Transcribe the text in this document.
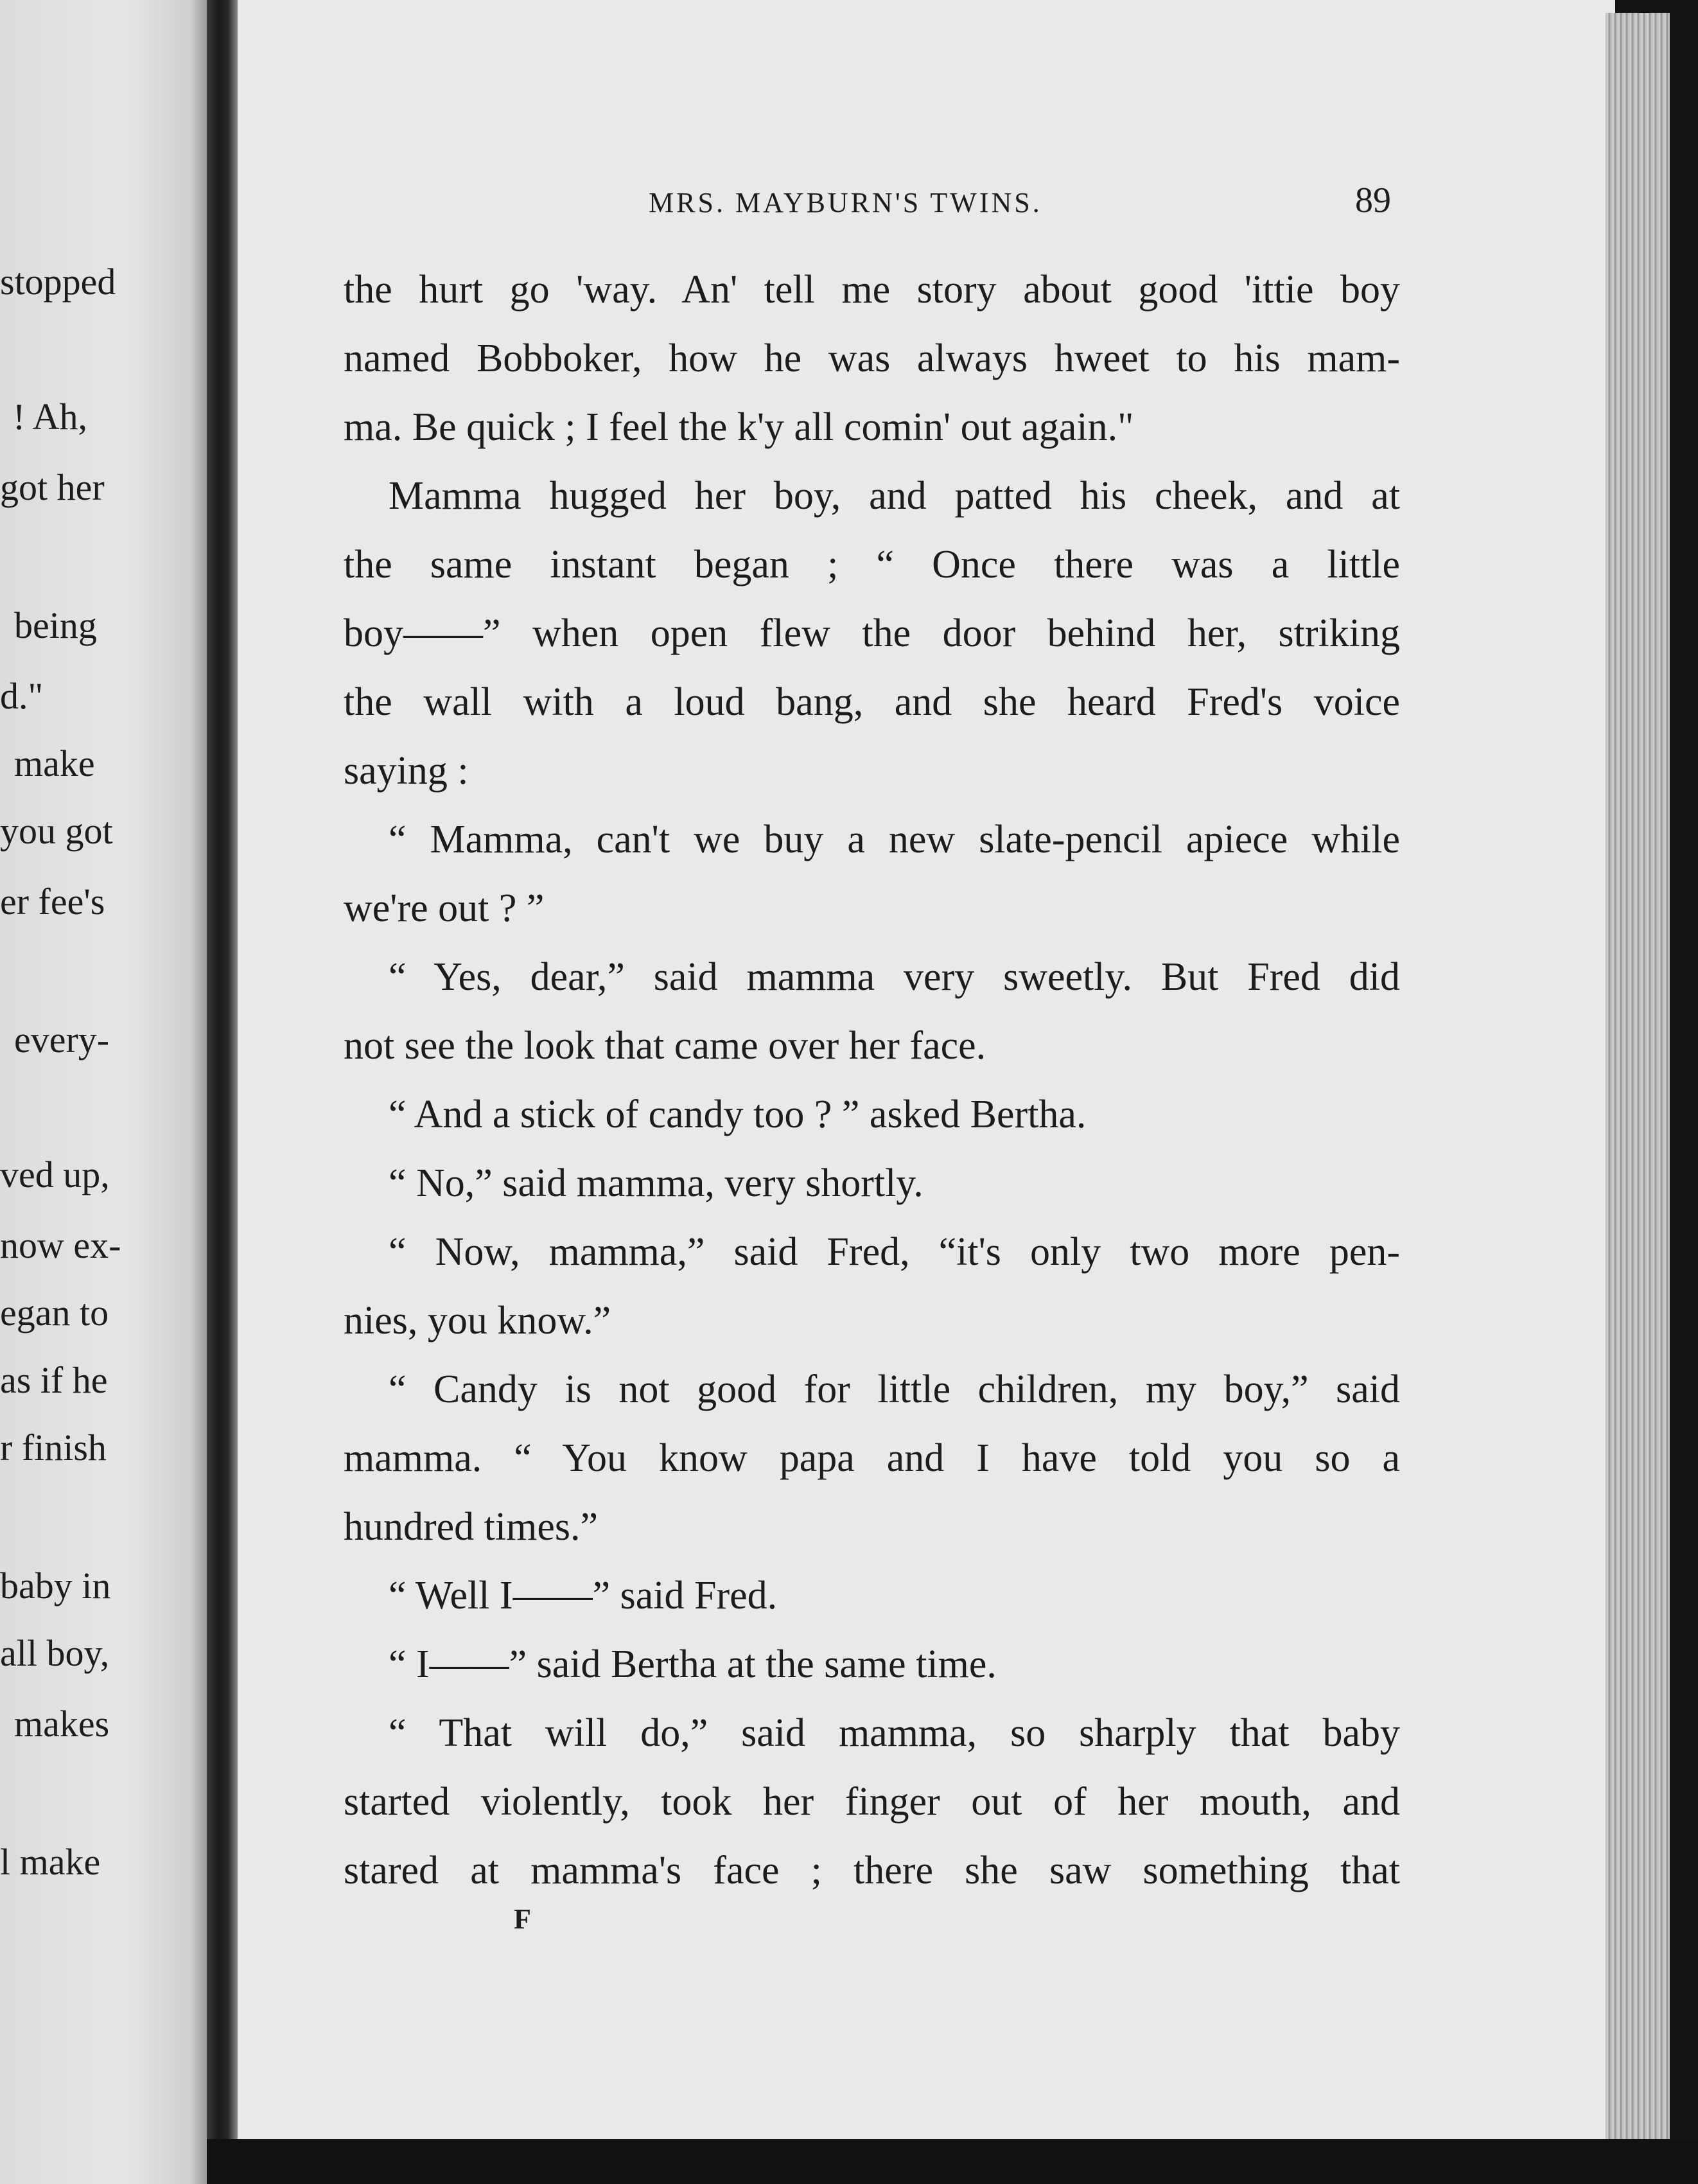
stopped
! Ah,
got her
being
d."
make
you got
er fee's
every-
ved up,
now ex-
egan to
as if he
r finish
baby in
all boy,
makes
l make
MRS. MAYBURN'S TWINS.	89
the hurt go 'way. An' tell me story about good 'ittie boy
named Bobboker, how he was always hweet to his mam-
ma. Be quick ; I feel the k'y all comin' out again."
Mamma hugged her boy, and patted his cheek, and at
the same instant began ; “ Once there was a little
boy——” when open flew the door behind her, striking
the wall with a loud bang, and she heard Fred's voice
saying :
“ Mamma, can't we buy a new slate-pencil apiece while
we're out ? ”
“ Yes, dear,” said mamma very sweetly. But Fred did
not see the look that came over her face.
“ And a stick of candy too ? ” asked Bertha.
“ No,” said mamma, very shortly.
“ Now, mamma,” said Fred, “it's only two more pen-
nies, you know.”
“ Candy is not good for little children, my boy,” said
mamma. “ You know papa and I have told you so a
hundred times.”
“ Well I——” said Fred.
“ I——” said Bertha at the same time.
“ That will do,” said mamma, so sharply that baby
started violently, took her finger out of her mouth, and
stared at mamma's face ; there she saw something that
F
